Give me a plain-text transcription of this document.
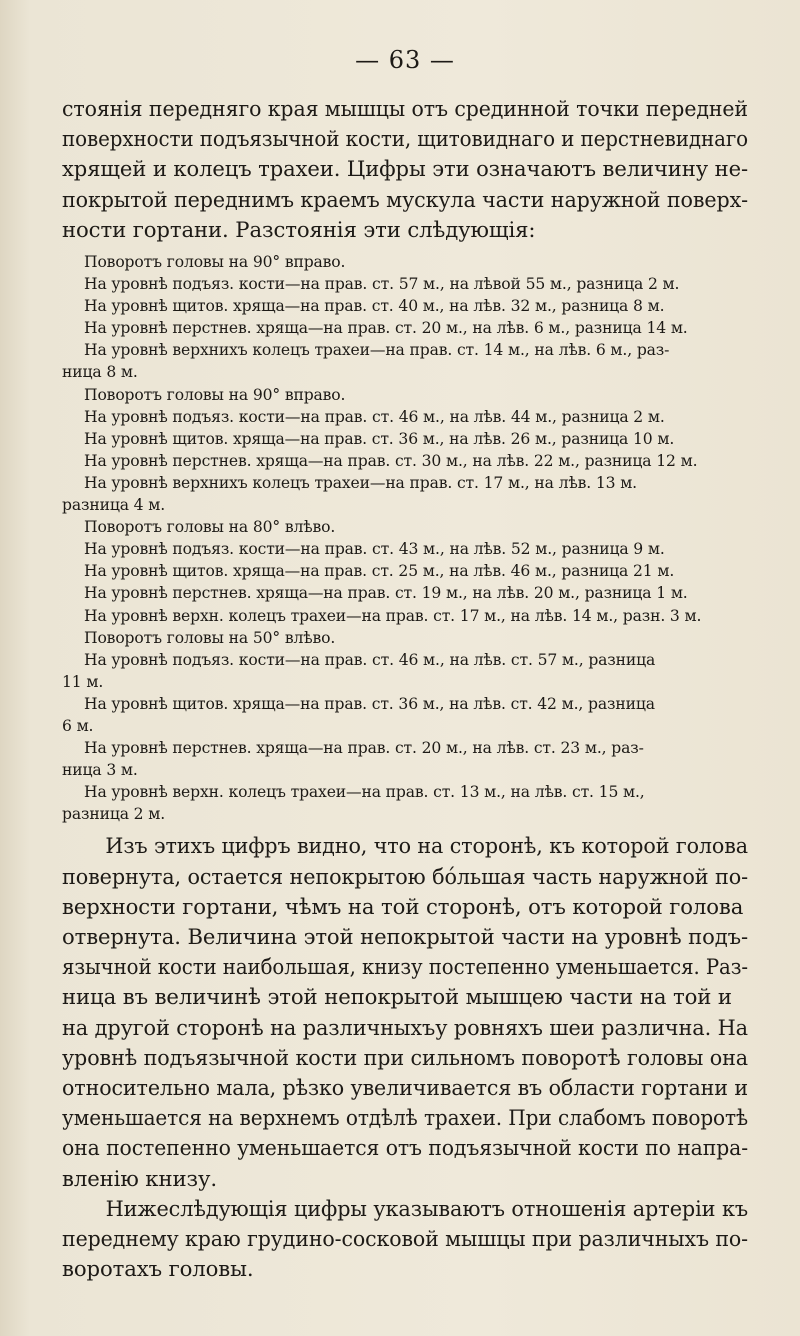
— 63 —

стоянія передняго края мышцы отъ срединной точки передней

поверхности подъязычной кости, щитовиднаго и перстневиднаго

хрящей и колецъ трахеи. Цифры эти означаютъ величину не-

покрытой переднимъ краемъ мускула части наружной поверх-

ности гортани. Разстоянія эти слѣдующія:

Поворотъ головы на 90° вправо.

На уровнѣ подъяз. кости—на прав. ст. 57 м., на лѣвой 55 м., разница 2 м.

На уровнѣ щитов. хряща—на прав. ст. 40 м., на лѣв. 32 м., разница 8 м.

На уровнѣ перстнев. хряща—на прав. ст. 20 м., на лѣв. 6 м., разница 14 м.

На уровнѣ верхнихъ колецъ трахеи—на прав. ст. 14 м., на лѣв. 6 м., раз-

ница 8 м.

Поворотъ головы на 90° вправо.

На уровнѣ подъяз. кости—на прав. ст. 46 м., на лѣв. 44 м., разница 2 м.

На уровнѣ щитов. хряща—на прав. ст. 36 м., на лѣв. 26 м., разница 10 м.

На уровнѣ перстнев. хряща—на прав. ст. 30 м., на лѣв. 22 м., разница 12 м.

На уровнѣ верхнихъ колецъ трахеи—на прав. ст. 17 м., на лѣв. 13 м.

разница 4 м.

Поворотъ головы на 80° влѣво.

На уровнѣ подъяз. кости—на прав. ст. 43 м., на лѣв. 52 м., разница 9 м.

На уровнѣ щитов. хряща—на прав. ст. 25 м., на лѣв. 46 м., разница 21 м.

На уровнѣ перстнев. хряща—на прав. ст. 19 м., на лѣв. 20 м., разница 1 м.

На уровнѣ верхн. колецъ трахеи—на прав. ст. 17 м., на лѣв. 14 м., разн. 3 м.

Поворотъ головы на 50° влѣво.

На уровнѣ подъяз. кости—на прав. ст. 46 м., на лѣв. ст. 57 м., разница

11 м.

На уровнѣ щитов. хряща—на прав. ст. 36 м., на лѣв. ст. 42 м., разница

6 м.

На уровнѣ перстнев. хряща—на прав. ст. 20 м., на лѣв. ст. 23 м., раз-

ница 3 м.

На уровнѣ верхн. колецъ трахеи—на прав. ст. 13 м., на лѣв. ст. 15 м.,

разница 2 м.

Изъ этихъ цифръ видно, что на сторонѣ, къ которой голова

повернута, остается непокрытою бо́льшая часть наружной по-

верхности гортани, чѣмъ на той сторонѣ, отъ которой голова

отвернута. Величина этой непокрытой части на уровнѣ подъ-

язычной кости наибольшая, книзу постепенно уменьшается. Раз-

ница въ величинѣ этой непокрытой мышцею части на той и

на другой сторонѣ на различныхъу ровняхъ шеи различна. На

уровнѣ подъязычной кости при сильномъ поворотѣ головы она

относительно мала, рѣзко увеличивается въ области гортани и

уменьшается на верхнемъ отдѣлѣ трахеи. При слабомъ поворотѣ

она постепенно уменьшается отъ подъязычной кости по напра-

вленію книзу.

Нижеслѣдующія цифры указываютъ отношенія артеріи къ

переднему краю грудино-сосковой мышцы при различныхъ по-

воротахъ головы.
